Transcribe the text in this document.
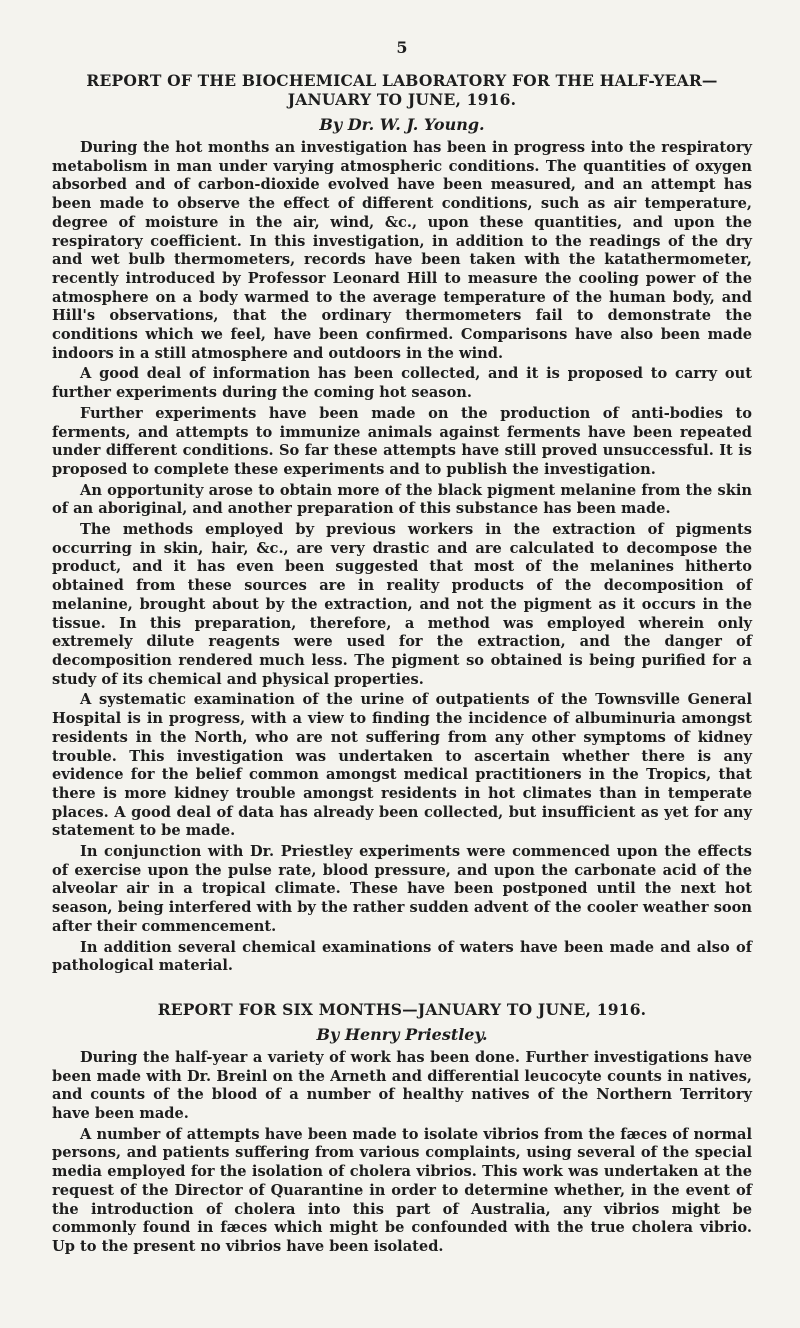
5
REPORT OF THE BIOCHEMICAL LABORATORY FOR THE HALF-YEAR—
JANUARY TO JUNE, 1916.
By Dr. W. J. Young.

During the hot months an investigation has been in progress into the respiratory metabolism in man under varying atmospheric conditions. The quantities of oxygen absorbed and of carbon-dioxide evolved have been measured, and an attempt has been made to observe the effect of different conditions, such as air temperature, degree of moisture in the air, wind, &c., upon these quantities, and upon the respiratory coefficient. In this investigation, in addition to the readings of the dry and wet bulb thermometers, records have been taken with the katathermometer, recently introduced by Professor Leonard Hill to measure the cooling power of the atmosphere on a body warmed to the average temperature of the human body, and Hill's observations, that the ordinary thermometers fail to demonstrate the conditions which we feel, have been confirmed. Comparisons have also been made indoors in a still atmosphere and outdoors in the wind.

A good deal of information has been collected, and it is proposed to carry out further experiments during the coming hot season.

Further experiments have been made on the production of anti-bodies to ferments, and attempts to immunize animals against ferments have been repeated under different conditions. So far these attempts have still proved unsuccessful. It is proposed to complete these experiments and to publish the investigation.

An opportunity arose to obtain more of the black pigment melanine from the skin of an aboriginal, and another preparation of this substance has been made.

The methods employed by previous workers in the extraction of pigments occurring in skin, hair, &c., are very drastic and are calculated to decompose the product, and it has even been suggested that most of the melanines hitherto obtained from these sources are in reality products of the decomposition of melanine, brought about by the extraction, and not the pigment as it occurs in the tissue. In this preparation, therefore, a method was employed wherein only extremely dilute reagents were used for the extraction, and the danger of decomposition rendered much less. The pigment so obtained is being purified for a study of its chemical and physical properties.

A systematic examination of the urine of outpatients of the Townsville General Hospital is in progress, with a view to finding the incidence of albuminuria amongst residents in the North, who are not suffering from any other symptoms of kidney trouble. This investigation was undertaken to ascertain whether there is any evidence for the belief common amongst medical practitioners in the Tropics, that there is more kidney trouble amongst residents in hot climates than in temperate places. A good deal of data has already been collected, but insufficient as yet for any statement to be made.

In conjunction with Dr. Priestley experiments were commenced upon the effects of exercise upon the pulse rate, blood pressure, and upon the carbonate acid of the alveolar air in a tropical climate. These have been postponed until the next hot season, being interfered with by the rather sudden advent of the cooler weather soon after their commencement.

In addition several chemical examinations of waters have been made and also of pathological material.

REPORT FOR SIX MONTHS—JANUARY TO JUNE, 1916.
By Henry Priestley.

During the half-year a variety of work has been done. Further investigations have been made with Dr. Breinl on the Arneth and differential leucocyte counts in natives, and counts of the blood of a number of healthy natives of the Northern Territory have been made.

A number of attempts have been made to isolate vibrios from the fæces of normal persons, and patients suffering from various complaints, using several of the special media employed for the isolation of cholera vibrios. This work was undertaken at the request of the Director of Quarantine in order to determine whether, in the event of the introduction of cholera into this part of Australia, any vibrios might be commonly found in fæces which might be confounded with the true cholera vibrio. Up to the present no vibrios have been isolated.
